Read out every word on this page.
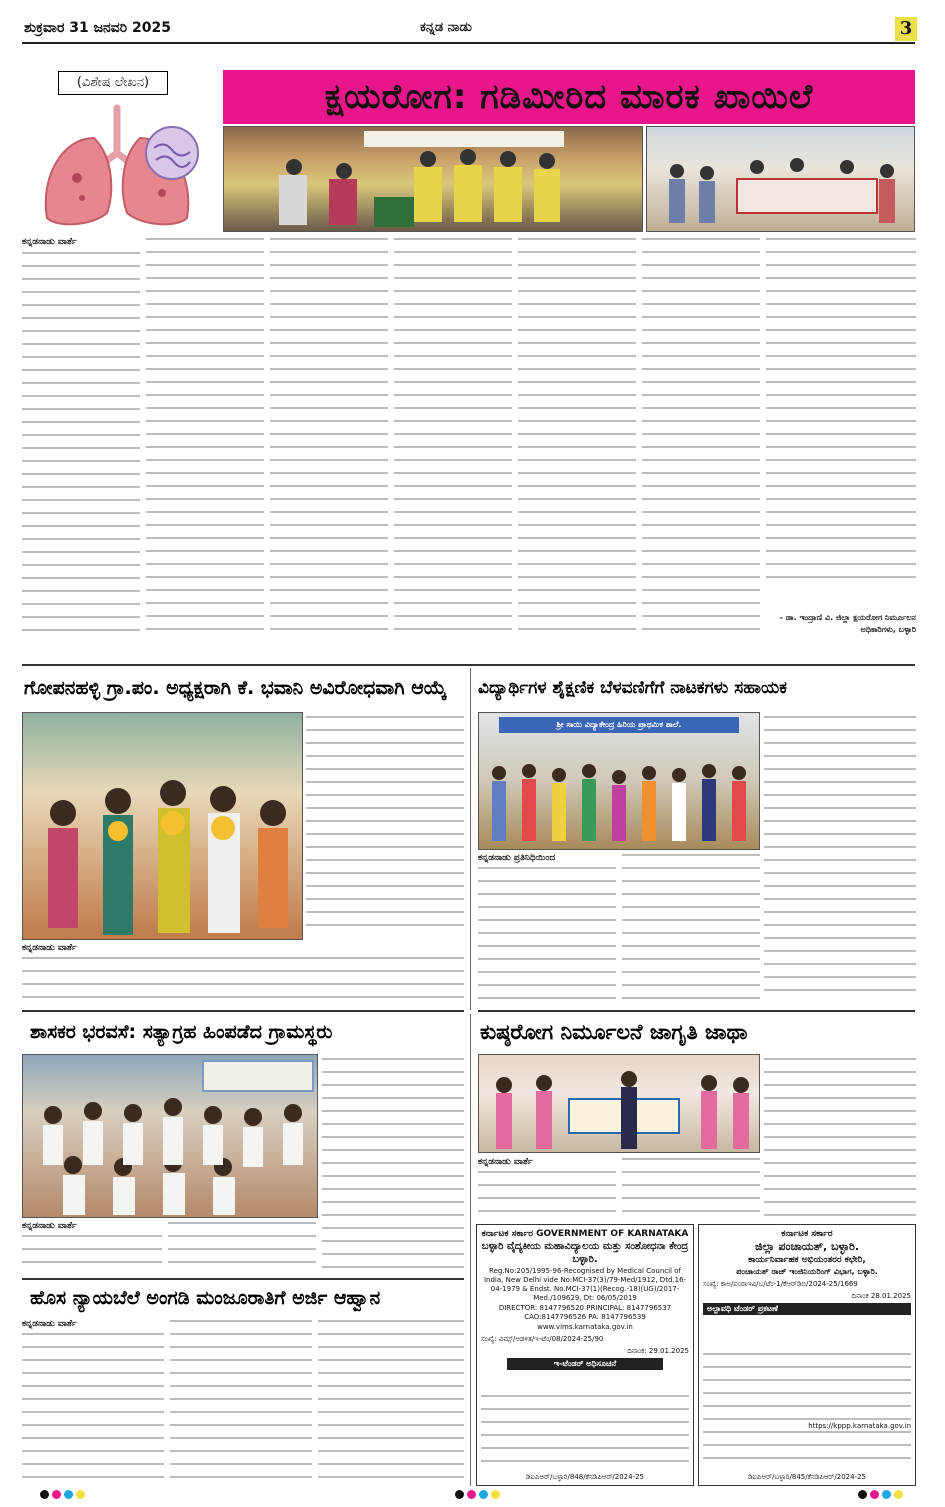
ಶುಕ್ರವಾರ 31 ಜನವರಿ 2025	ಕನ್ನಡ ನಾಡು	3
(ವಿಶೇಷ ಲೇಖನ)	ಕ್ಷಯರೋಗ: ಗಡಿಮೀರಿದ ಮಾರಕ ಖಾಯಿಲೆ
ಕನ್ನಡನಾಡು ವಾರ್ತೆ
- ಡಾ. ಇಂದ್ರಾಣಿ ವಿ. ಜಿಲ್ಲಾ ಕ್ಷಯರೋಗ ನಿರ್ಮೂಲನ ಅಧಿಕಾರಿಗಳು, ಬಳ್ಳಾರಿ
ಗೋಪನಹಳ್ಳಿ ಗ್ರಾ.ಪಂ. ಅಧ್ಯಕ್ಷರಾಗಿ ಕೆ. ಭವಾನಿ ಅವಿರೋಧವಾಗಿ ಆಯ್ಕೆ
ಕನ್ನಡನಾಡು ವಾರ್ತೆ
ವಿದ್ಯಾರ್ಥಿಗಳ ಶೈಕ್ಷಣಿಕ ಬೆಳವಣಿಗೆಗೆ ನಾಟಕಗಳು ಸಹಾಯಕ
ಶ್ರೀ ಸಾಯಿ ವಿದ್ಯಾಕೇಂದ್ರ ಹಿರಿಯ ಪ್ರಾಥಮಿಕ ಶಾಲೆ.
ಕನ್ನಡನಾಡು ಪ್ರತಿನಿಧಿಯಿಂದ
ಶಾಸಕರ ಭರವಸೆ: ಸತ್ಯಾಗ್ರಹ ಹಿಂಪಡೆದ ಗ್ರಾಮಸ್ಥರು
ಕನ್ನಡನಾಡು ವಾರ್ತೆ
ಕುಷ್ಠರೋಗ ನಿರ್ಮೂಲನೆ ಜಾಗೃತಿ ಜಾಥಾ
ಕನ್ನಡನಾಡು ವಾರ್ತೆ
ಹೊಸ ನ್ಯಾಯಬೆಲೆ ಅಂಗಡಿ ಮಂಜೂರಾತಿಗೆ ಅರ್ಜಿ ಆಹ್ವಾನ
ಕನ್ನಡನಾಡು ವಾರ್ತೆ
ಕರ್ನಾಟಕ ಸರ್ಕಾರ GOVERNMENT OF KARNATAKA
ಬಳ್ಳಾರಿ ವೈದ್ಯಕೀಯ ಮಹಾವಿದ್ಯಾಲಯ ಮತ್ತು ಸಂಶೋಧನಾ ಕೇಂದ್ರ ಬಳ್ಳಾರಿ.
Reg.No:205/1995-96-Recognised by Medical Council of India, New Delhi vide No:MCI-37(3)/79-Med/1912, Dtd.16-04-1979 & Endst. No.MCI-37(1)(Recog.-18)(UG)/2017-Med./109629, Dt: 06/05/2019
DIRECTOR: 8147796520 PRINCIPAL: 8147796537 CAO:8147796526 PA: 8147796539
www.vims.karnataka.gov.in
ಸಂಖ್ಯೆ: ವಿಮ್ಸ್/ಆಡಳಿತ/ಇ-ಟೆಂ/08/2024-25/90
ದಿನಾಂಕ: 29.01.2025
ಇ-ಟೆಂಡರ್ ಅಧಿಸೂಚನೆ
ಡಿಐಪಿಆರ್/ಬಳ್ಳಾರಿ/848/ಕೆನಡಿಪಿಆರ್/2024-25
ಕರ್ನಾಟಕ ಸರ್ಕಾರ
ಜಿಲ್ಲಾ ಪಂಚಾಯತ್, ಬಳ್ಳಾರಿ.
ಕಾರ್ಯನಿರ್ವಾಹಕ ಅಭಿಯಂತರರ ಕಛೇರಿ,
ಪಂಚಾಯತ್ ರಾಜ್ ಇಂಜಿನಿಯರಿಂಗ್ ವಿಭಾಗ, ಬಳ್ಳಾರಿ.
ಸಂಖ್ಯೆ: ಕಾಅ/ಪಂರಾಇವಿ/ಬ/ಟೆಂ-1/ಕೆಆರ್‌ಡಿಬಿ/2024-25/1669
ದಿನಾಂಕ 28.01.2025
ಅಲ್ಪಾವಧಿ ಟೆಂಡರ್ ಪ್ರಕಟಣೆ
https://kppp.karnataka.gov.in
ಡಿಐಪಿಆರ್/ಬಳ್ಳಾರಿ/845/ಕೆನಡಿಪಿಆರ್/2024-25
